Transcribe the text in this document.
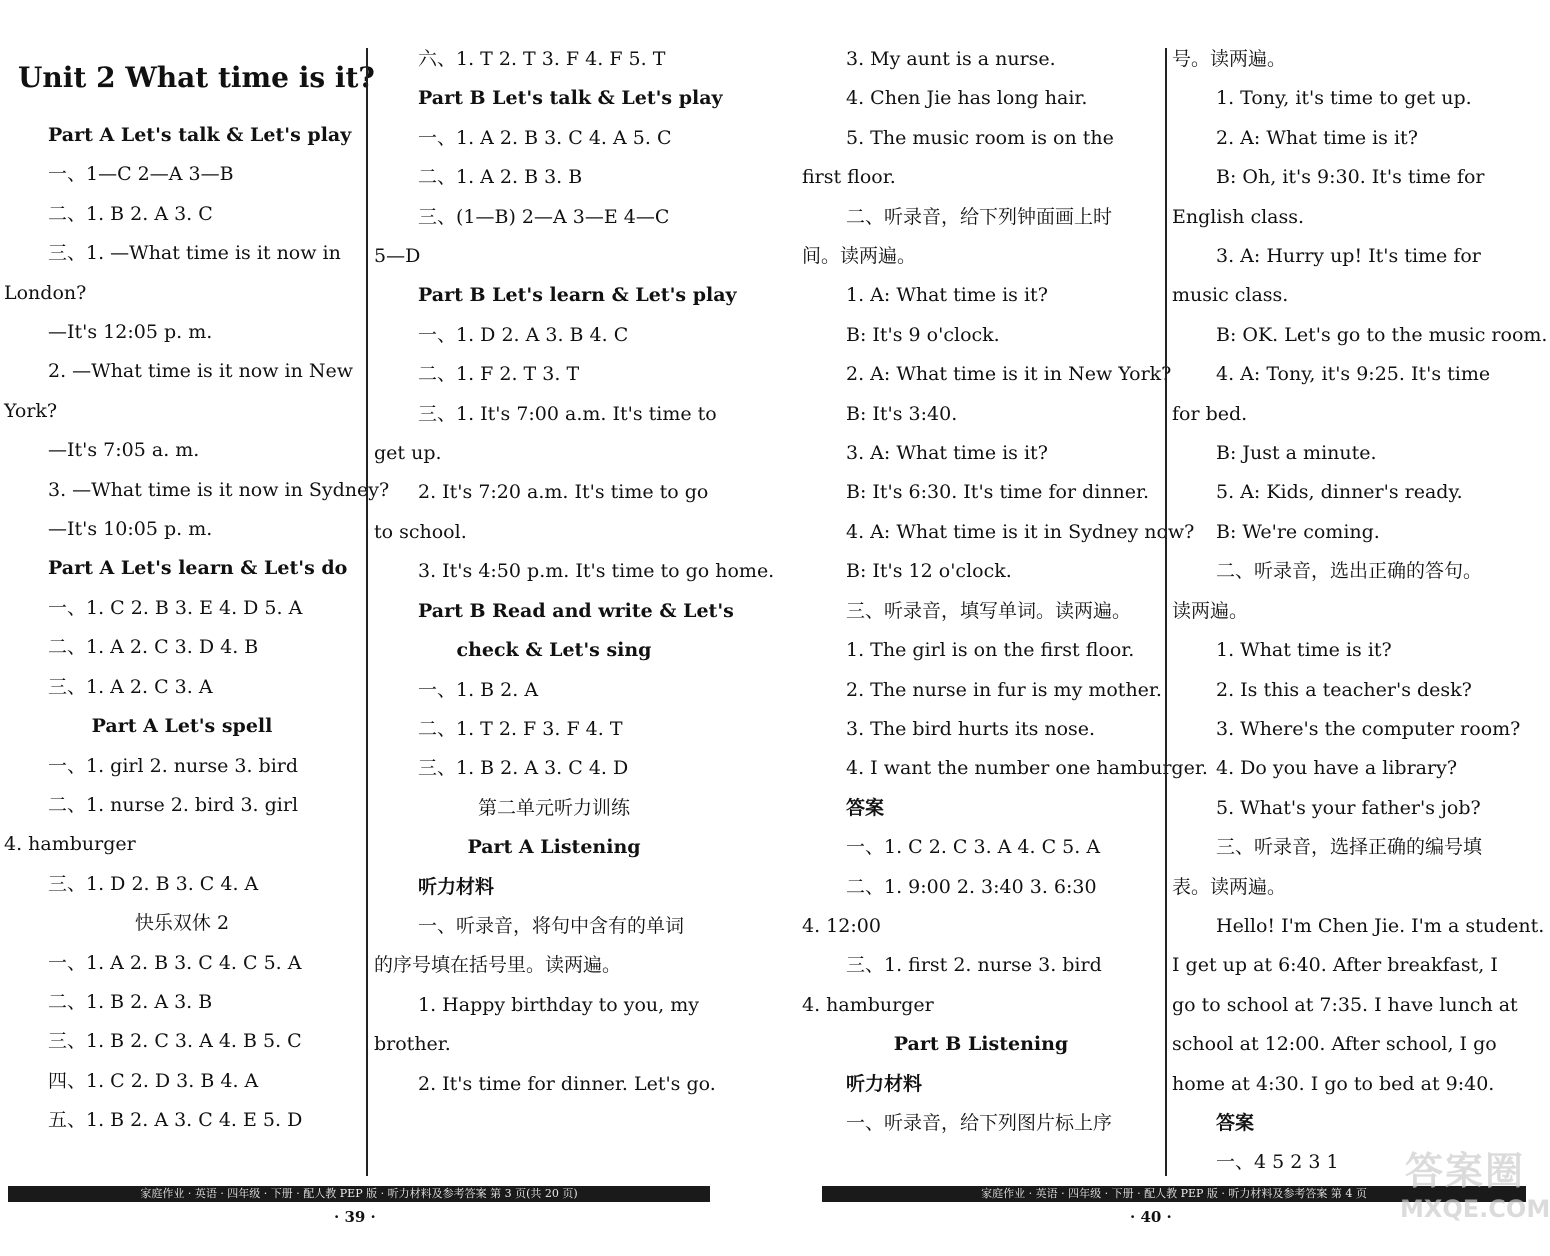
Unit 2 What time is it?

Part A Let's talk & Let's play

一、1—C 2—A 3—B

二、1. B 2. A 3. C

三、1. —What time is it now in

London?

—It's 12:05 p. m.

2. —What time is it now in New

York?

—It's 7:05 a. m.

3. —What time is it now in Sydney?

—It's 10:05 p. m.

Part A Let's learn & Let's do

一、1. C 2. B 3. E 4. D 5. A

二、1. A 2. C 3. D 4. B

三、1. A 2. C 3. A

Part A Let's spell

一、1. girl 2. nurse 3. bird

二、1. nurse 2. bird 3. girl

4. hamburger

三、1. D 2. B 3. C 4. A

快乐双休 2

一、1. A 2. B 3. C 4. C 5. A

二、1. B 2. A 3. B

三、1. B 2. C 3. A 4. B 5. C

四、1. C 2. D 3. B 4. A

五、1. B 2. A 3. C 4. E 5. D

六、1. T 2. T 3. F 4. F 5. T

Part B Let's talk & Let's play

一、1. A 2. B 3. C 4. A 5. C

二、1. A 2. B 3. B

三、(1—B) 2—A 3—E 4—C

5—D

Part B Let's learn & Let's play

一、1. D 2. A 3. B 4. C

二、1. F 2. T 3. T

三、1. It's 7:00 a.m. It's time to

get up.

2. It's 7:20 a.m. It's time to go

to school.

3. It's 4:50 p.m. It's time to go home.

Part B Read and write & Let's

check & Let's sing

一、1. B 2. A

二、1. T 2. F 3. F 4. T

三、1. B 2. A 3. C 4. D

第二单元听力训练

Part A Listening

听力材料

一、听录音，将句中含有的单词

的序号填在括号里。读两遍。

1. Happy birthday to you, my

brother.

2. It's time for dinner. Let's go.

3. My aunt is a nurse.

4. Chen Jie has long hair.

5. The music room is on the

first floor.

二、听录音，给下列钟面画上时

间。读两遍。

1. A: What time is it?

B: It's 9 o'clock.

2. A: What time is it in New York?

B: It's 3:40.

3. A: What time is it?

B: It's 6:30. It's time for dinner.

4. A: What time is it in Sydney now?

B: It's 12 o'clock.

三、听录音，填写单词。读两遍。

1. The girl is on the first floor.

2. The nurse in fur is my mother.

3. The bird hurts its nose.

4. I want the number one hamburger.

答案

一、1. C 2. C 3. A 4. C 5. A

二、1. 9:00 2. 3:40 3. 6:30

4. 12:00

三、1. first 2. nurse 3. bird

4. hamburger

Part B Listening

听力材料

一、听录音，给下列图片标上序

号。读两遍。

1. Tony, it's time to get up.

2. A: What time is it?

B: Oh, it's 9:30. It's time for

English class.

3. A: Hurry up! It's time for

music class.

B: OK. Let's go to the music room.

4. A: Tony, it's 9:25. It's time

for bed.

B: Just a minute.

5. A: Kids, dinner's ready.

B: We're coming.

二、听录音，选出正确的答句。

读两遍。

1. What time is it?

2. Is this a teacher's desk?

3. Where's the computer room?

4. Do you have a library?

5. What's your father's job?

三、听录音，选择正确的编号填

表。读两遍。

Hello! I'm Chen Jie. I'm a student.

I get up at 6:40. After breakfast, I

go to school at 7:35. I have lunch at

school at 12:00. After school, I go

home at 4:30. I go to bed at 9:40.

答案

一、4 5 2 3 1

家庭作业 · 英语 · 四年级 · 下册 · 配人教 PEP 版 · 听力材料及参考答案 第 3 页(共 20 页)	家庭作业 · 英语 · 四年级 · 下册 · 配人教 PEP 版 · 听力材料及参考答案 第 4 页
· 39 ·	· 40 ·
答案圈
MXQE.COM
